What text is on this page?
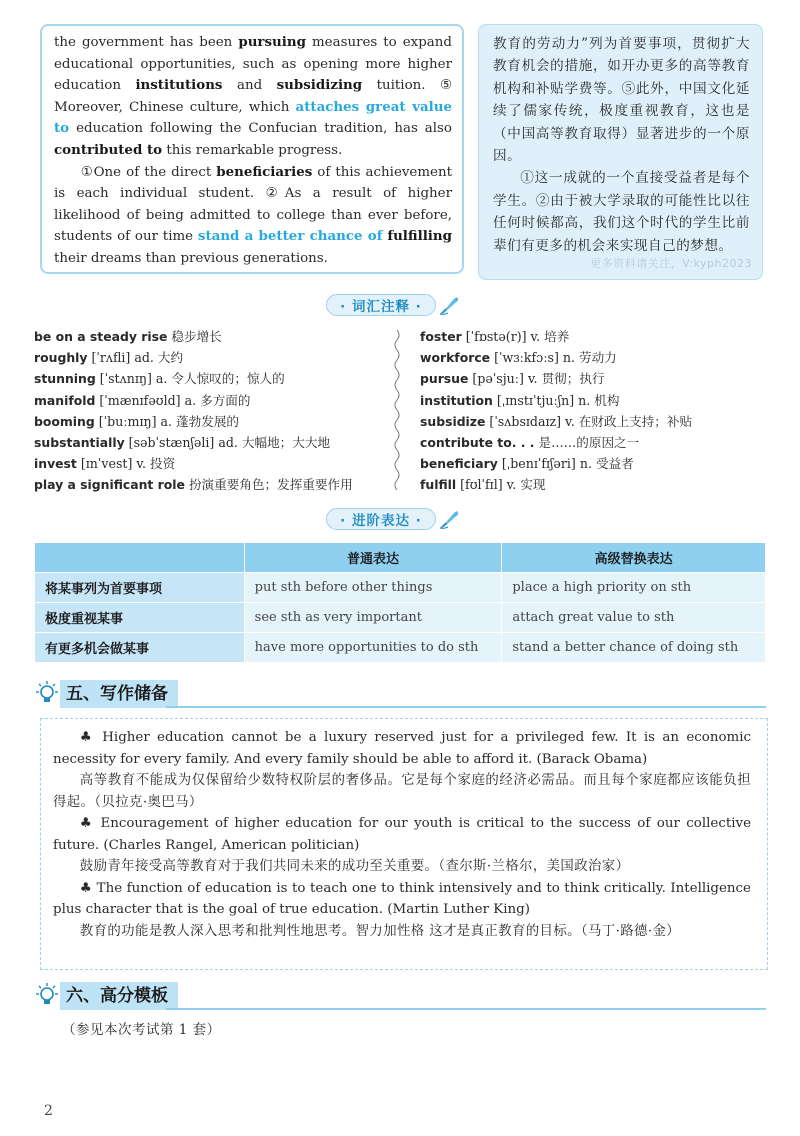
the government has been pursuing measures to expand educational opportunities, such as opening more higher education institutions and subsidizing tuition. ⑤ Moreover, Chinese culture, which attaches great value to education following the Confucian tradition, has also contributed to this remarkable progress.

①One of the direct beneficiaries of this achievement is each individual student. ②As a result of higher likelihood of being admitted to college than ever before, students of our time stand a better chance of fulfilling their dreams than previous generations.

教育的劳动力”列为首要事项，贯彻扩大教育机会的措施，如开办更多的高等教育机构和补贴学费等。⑤此外，中国文化延续了儒家传统，极度重视教育，这也是（中国高等教育取得）显著进步的一个原因。

①这一成就的一个直接受益者是每个学生。②由于被大学录取的可能性比以往任何时候都高，我们这个时代的学生比前辈们有更多的机会来实现自己的梦想。

更多资料请关注，V:kyph2023
· 词汇注释 ·
be on a steady rise 稳步增长
roughly [ˈrʌfli] ad. 大约
stunning [ˈstʌnɪŋ] a. 令人惊叹的；惊人的
manifold [ˈmænɪfəʊld] a. 多方面的
booming [ˈbuːmɪŋ] a. 蓬勃发展的
substantially [səbˈstænʃəli] ad. 大幅地；大大地
invest [ɪnˈvest] v. 投资
play a significant role 扮演重要角色；发挥重要作用
foster [ˈfɒstə(r)] v. 培养
workforce [ˈwɜːkfɔːs] n. 劳动力
pursue [pəˈsjuː] v. 贯彻；执行
institution [ˌɪnstɪˈtjuːʃn] n. 机构
subsidize [ˈsʌbsɪdaɪz] v. 在财政上支持；补贴
contribute to. . . 是……的原因之一
beneficiary [ˌbenɪˈfɪʃəri] n. 受益者
fulfill [fʊlˈfɪl] v. 实现
· 进阶表达 ·
	普通表达	高级替换表达
将某事列为首要事项	put sth before other things	place a high priority on sth
极度重视某事	see sth as very important	attach great value to sth
有更多机会做某事	have more opportunities to do sth	stand a better chance of doing sth
五、写作储备

♣ Higher education cannot be a luxury reserved just for a privileged few. It is an economic necessity for every family. And every family should be able to afford it. (Barack Obama)

高等教育不能成为仅保留给少数特权阶层的奢侈品。它是每个家庭的经济必需品。而且每个家庭都应该能负担得起。（贝拉克·奥巴马）

♣ Encouragement of higher education for our youth is critical to the success of our collective future. (Charles Rangel, American politician)

鼓励青年接受高等教育对于我们共同未来的成功至关重要。（查尔斯·兰格尔，美国政治家）

♣ The function of education is to teach one to think intensively and to think critically. Intelligence plus character that is the goal of true education. (Martin Luther King)

教育的功能是教人深入思考和批判性地思考。智力加性格 这才是真正教育的目标。（马丁·路德·金）

六、高分模板
（参见本次考试第 1 套）
2
